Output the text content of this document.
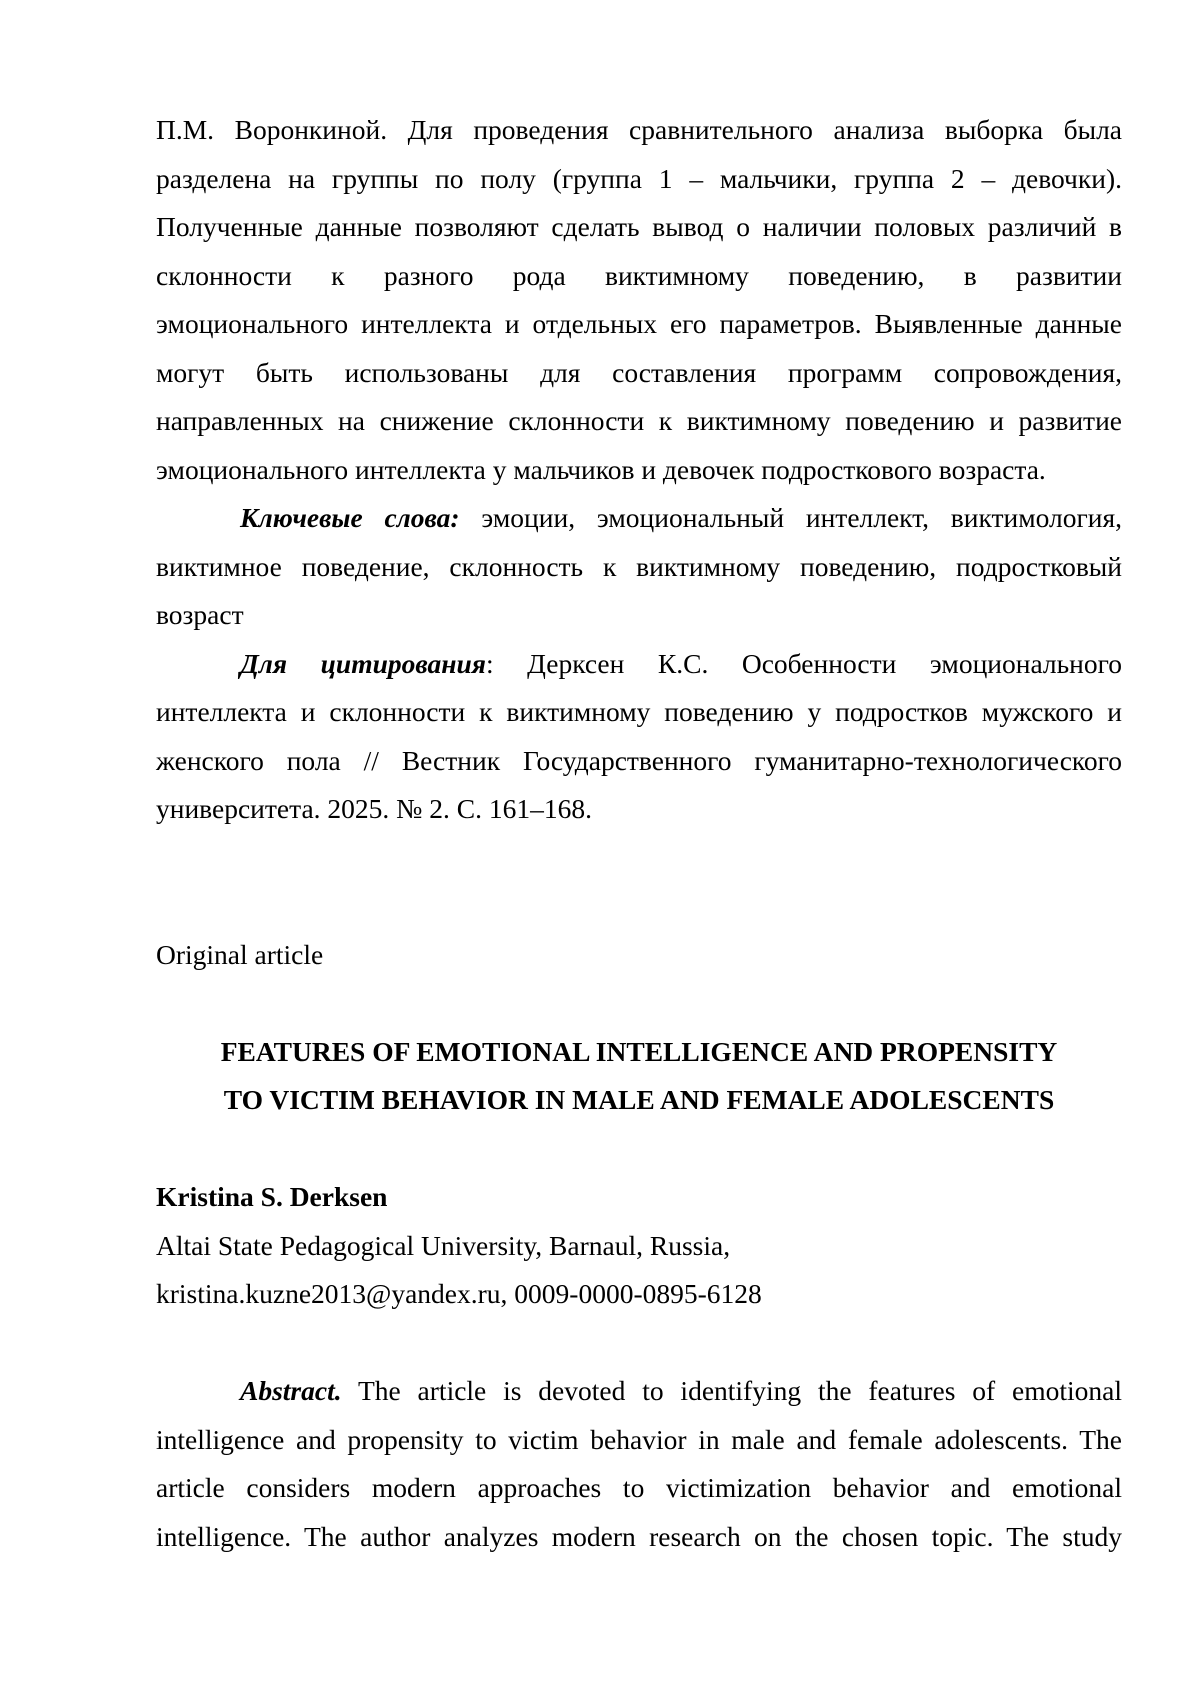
П.М. Воронкиной. Для проведения сравнительного анализа выборка была
разделена на группы по полу (группа 1 – мальчики, группа 2 – девочки).
Полученные данные позволяют сделать вывод о наличии половых различий в
склонности к разного рода виктимному поведению, в развитии
эмоционального интеллекта и отдельных его параметров. Выявленные данные
могут быть использованы для составления программ сопровождения,
направленных на снижение склонности к виктимному поведению и развитие
эмоционального интеллекта у мальчиков и девочек подросткового возраста.
Ключевые слова: эмоции, эмоциональный интеллект, виктимология,
виктимное поведение, склонность к виктимному поведению, подростковый
возраст
Для цитирования: Дерксен К.С. Особенности эмоционального
интеллекта и склонности к виктимному поведению у подростков мужского и
женского пола // Вестник Государственного гуманитарно-технологического
университета. 2025. № 2. С. 161–168.
Original article
FEATURES OF EMOTIONAL INTELLIGENCE AND PROPENSITY
TO VICTIM BEHAVIOR IN MALE AND FEMALE ADOLESCENTS
Kristina S. Derksen
Altai State Pedagogical University, Barnaul, Russia,
kristina.kuzne2013@yandex.ru, 0009-0000-0895-6128
Abstract. The article is devoted to identifying the features of emotional
intelligence and propensity to victim behavior in male and female adolescents. The
article considers modern approaches to victimization behavior and emotional
intelligence. The author analyzes modern research on the chosen topic. The study
